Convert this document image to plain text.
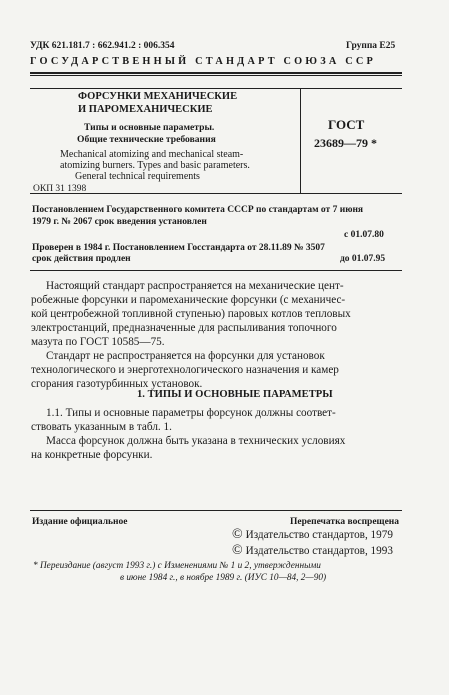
УДК 621.181.7 : 662.941.2 : 006.354	Группа Е25
ГОСУДАРСТВЕННЫЙ СТАНДАРТ СОЮЗА ССР
ФОРСУНКИ МЕХАНИЧЕСКИЕ
И ПАРОМЕХАНИЧЕСКИЕ
Типы и основные параметры.
Общие технические требования
Mechanical atomizing and mechanical steam-
atomizing burners. Types and basic parameters.
General technical requirements
ОКП 31 1398
ГОСТ
23689—79 *
Постановлением Государственного комитета СССР по стандартам от 7 июня
1979 г. № 2067 срок введения установлен
с 01.07.80
Проверен в 1984 г. Постановлением Госстандарта от 28.11.89 № 3507
срок действия продлен	до 01.07.95
Настоящий стандарт распространяется на механические цент-
робежные форсунки и паромеханические форсунки (с механичес-
кой центробежной топливной ступенью) паровых котлов тепловых
электростанций, предназначенные для распыливания топочного
мазута по ГОСТ 10585—75.
Стандарт не распространяется на форсунки для установок
технологического и энерготехнологического назначения и камер
сгорания газотурбинных установок.
1. ТИПЫ И ОСНОВНЫЕ ПАРАМЕТРЫ
1.1. Типы и основные параметры форсунок должны соответ-
ствовать указанным в табл. 1.
Масса форсунок должна быть указана в технических условиях
на конкретные форсунки.
Издание официальное	Перепечатка воспрещена
© Издательство стандартов, 1979
© Издательство стандартов, 1993
* Переиздание (август 1993 г.) с Изменениями № 1 и 2, утвержденными
в июне 1984 г., в ноябре 1989 г. (ИУС 10—84, 2—90)
